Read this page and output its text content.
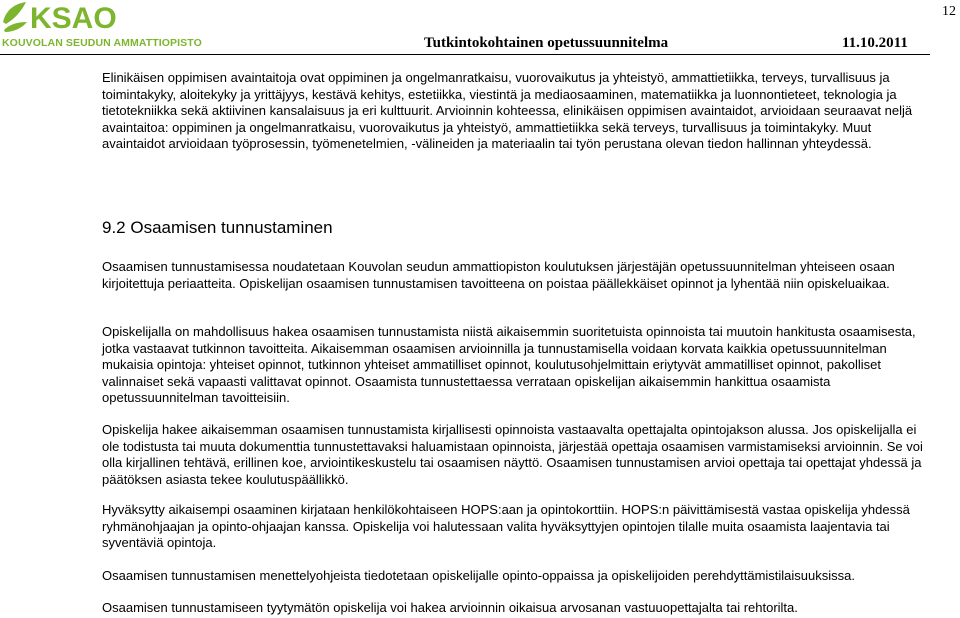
KSAO
KOUVOLAN SEUDUN AMMATTIOPISTO
12
Tutkintokohtainen opetussuunnitelma	11.10.2011

Elinikäisen oppimisen avaintaitoja ovat oppiminen ja ongelmanratkaisu, vuorovaikutus ja yhteistyö, ammattietiikka, terveys, turvallisuus ja toimintakyky, aloitekyky ja yrittäjyys, kestävä kehitys, estetiikka, viestintä ja mediaosaaminen, matematiikka ja luonnontieteet, teknologia ja tietotekniikka sekä aktiivinen kansalaisuus ja eri kulttuurit. Arvioinnin kohteessa, elinikäisen oppimisen avaintaidot, arvioidaan seuraavat neljä avaintaitoa: oppiminen ja ongelmanratkaisu, vuorovaikutus ja yhteistyö, ammattietiikka sekä terveys, turvallisuus ja toimintakyky. Muut avaintaidot arvioidaan työprosessin, työmenetelmien, -välineiden ja materiaalin tai työn perustana olevan tiedon hallinnan yhteydessä.

9.2 Osaamisen tunnustaminen

Osaamisen tunnustamisessa noudatetaan Kouvolan seudun ammattiopiston koulutuksen järjestäjän opetussuunnitelman yhteiseen osaan kirjoitettuja periaatteita. Opiskelijan osaamisen tunnustamisen tavoitteena on poistaa päällekkäiset opinnot ja lyhentää niin opiskeluaikaa.

Opiskelijalla on mahdollisuus hakea osaamisen tunnustamista niistä aikaisemmin suoritetuista opinnoista tai muutoin hankitusta osaamisesta, jotka vastaavat tutkinnon tavoitteita. Aikaisemman osaamisen arvioinnilla ja tunnustamisella voidaan korvata kaikkia opetussuunnitelman mukaisia opintoja: yhteiset opinnot, tutkinnon yhteiset ammatilliset opinnot, koulutusohjelmittain eriytyvät ammatilliset opinnot, pakolliset valinnaiset sekä vapaasti valittavat opinnot. Osaamista tunnustettaessa verrataan opiskelijan aikaisemmin hankittua osaamista opetussuunnitelman tavoitteisiin.

Opiskelija hakee aikaisemman osaamisen tunnustamista kirjallisesti opinnoista vastaavalta opettajalta opintojakson alussa. Jos opiskelijalla ei ole todistusta tai muuta dokumenttia tunnustettavaksi haluamistaan opinnoista, järjestää opettaja osaamisen varmistamiseksi arvioinnin. Se voi olla kirjallinen tehtävä, erillinen koe, arviointikeskustelu tai osaamisen näyttö. Osaamisen tunnustamisen arvioi opettaja tai opettajat yhdessä ja päätöksen asiasta tekee koulutuspäällikkö.

Hyväksytty aikaisempi osaaminen kirjataan henkilökohtaiseen HOPS:aan ja opintokorttiin. HOPS:n päivittämisestä vastaa opiskelija yhdessä ryhmänohjaajan ja opinto-ohjaajan kanssa. Opiskelija voi halutessaan valita hyväksyttyjen opintojen tilalle muita osaamista laajentavia tai syventäviä opintoja.

Osaamisen tunnustamisen menettelyohjeista tiedotetaan opiskelijalle opinto-oppaissa ja opiskelijoiden perehdyttämistilaisuuksissa.

Osaamisen tunnustamiseen tyytymätön opiskelija voi hakea arvioinnin oikaisua arvosanan vastuuopettajalta tai rehtorilta.
